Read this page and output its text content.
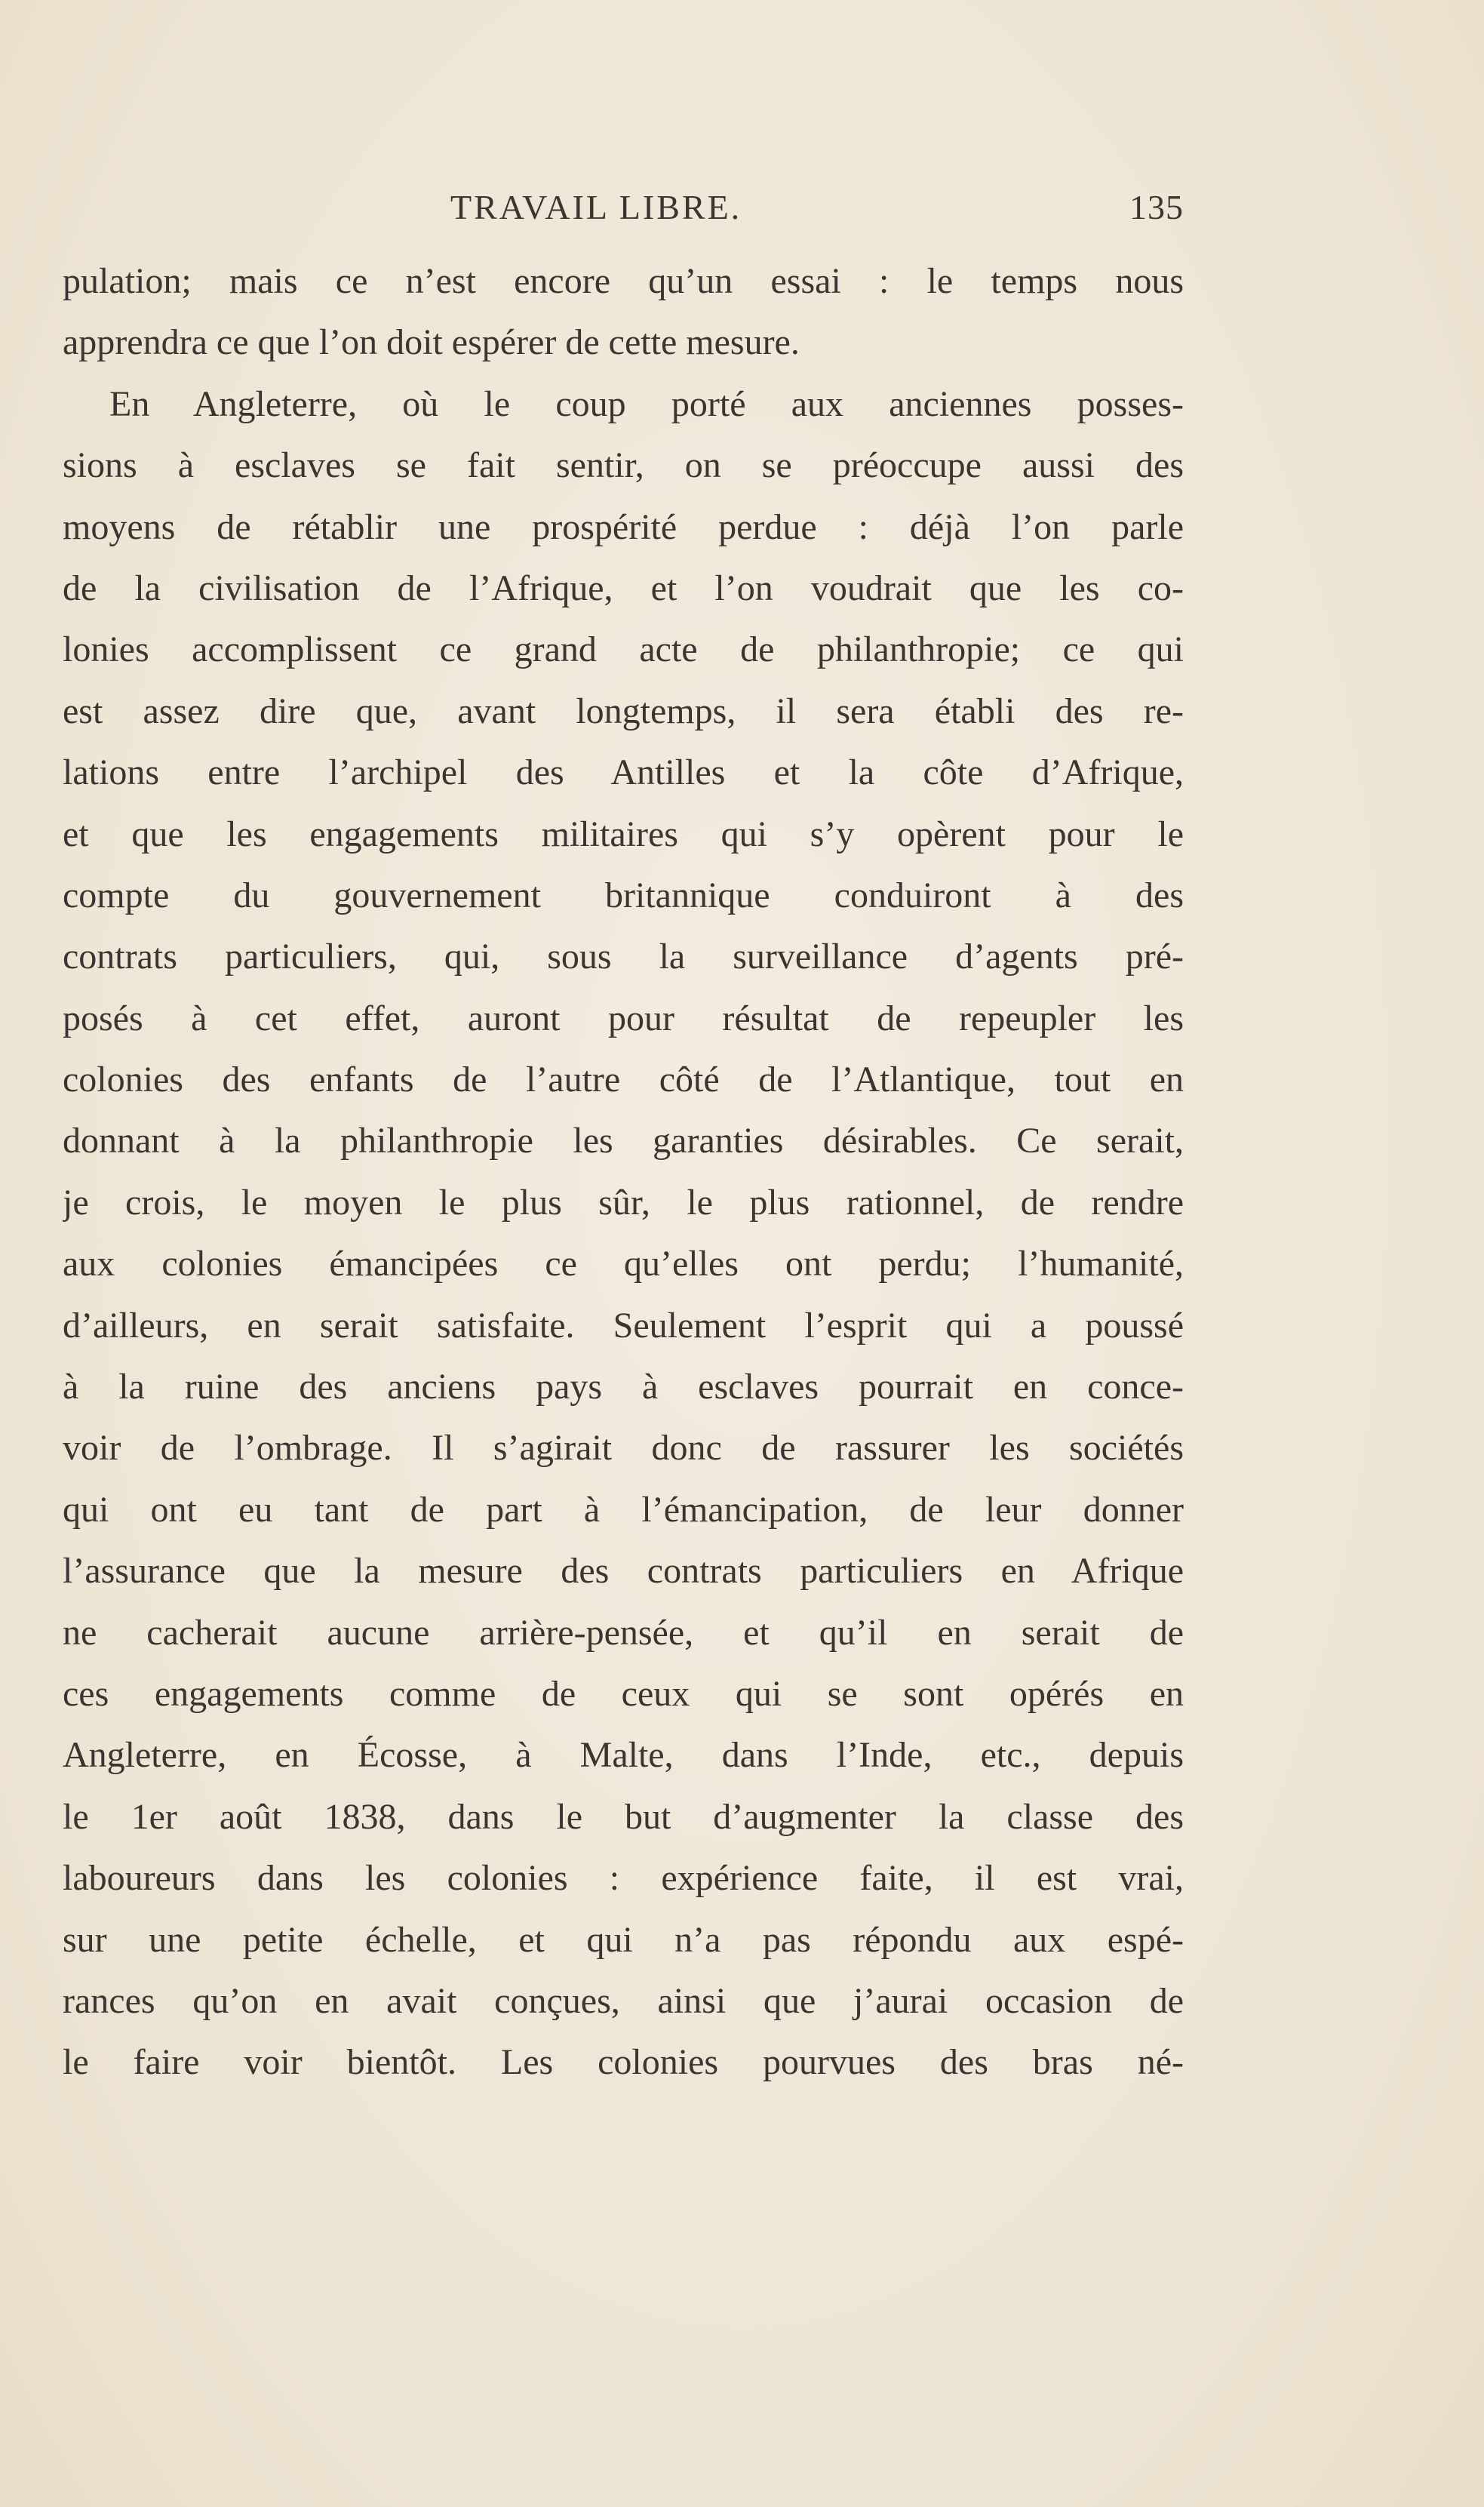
TRAVAIL LIBRE.	135
pulation; mais ce n’est encore qu’un essai : le temps nous
apprendra ce que l’on doit espérer de cette mesure.
En Angleterre, où le coup porté aux anciennes posses-
sions à esclaves se fait sentir, on se préoccupe aussi des
moyens de rétablir une prospérité perdue : déjà l’on parle
de la civilisation de l’Afrique, et l’on voudrait que les co-
lonies accomplissent ce grand acte de philanthropie; ce qui
est assez dire que, avant longtemps, il sera établi des re-
lations entre l’archipel des Antilles et la côte d’Afrique,
et que les engagements militaires qui s’y opèrent pour le
compte du gouvernement britannique conduiront à des
contrats particuliers, qui, sous la surveillance d’agents pré-
posés à cet effet, auront pour résultat de repeupler les
colonies des enfants de l’autre côté de l’Atlantique, tout en
donnant à la philanthropie les garanties désirables. Ce serait,
je crois, le moyen le plus sûr, le plus rationnel, de rendre
aux colonies émancipées ce qu’elles ont perdu; l’humanité,
d’ailleurs, en serait satisfaite. Seulement l’esprit qui a poussé
à la ruine des anciens pays à esclaves pourrait en conce-
voir de l’ombrage. Il s’agirait donc de rassurer les sociétés
qui ont eu tant de part à l’émancipation, de leur donner
l’assurance que la mesure des contrats particuliers en Afrique
ne cacherait aucune arrière-pensée, et qu’il en serait de
ces engagements comme de ceux qui se sont opérés en
Angleterre, en Écosse, à Malte, dans l’Inde, etc., depuis
le 1er août 1838, dans le but d’augmenter la classe des
laboureurs dans les colonies : expérience faite, il est vrai,
sur une petite échelle, et qui n’a pas répondu aux espé-
rances qu’on en avait conçues, ainsi que j’aurai occasion de
le faire voir bientôt. Les colonies pourvues des bras né-
